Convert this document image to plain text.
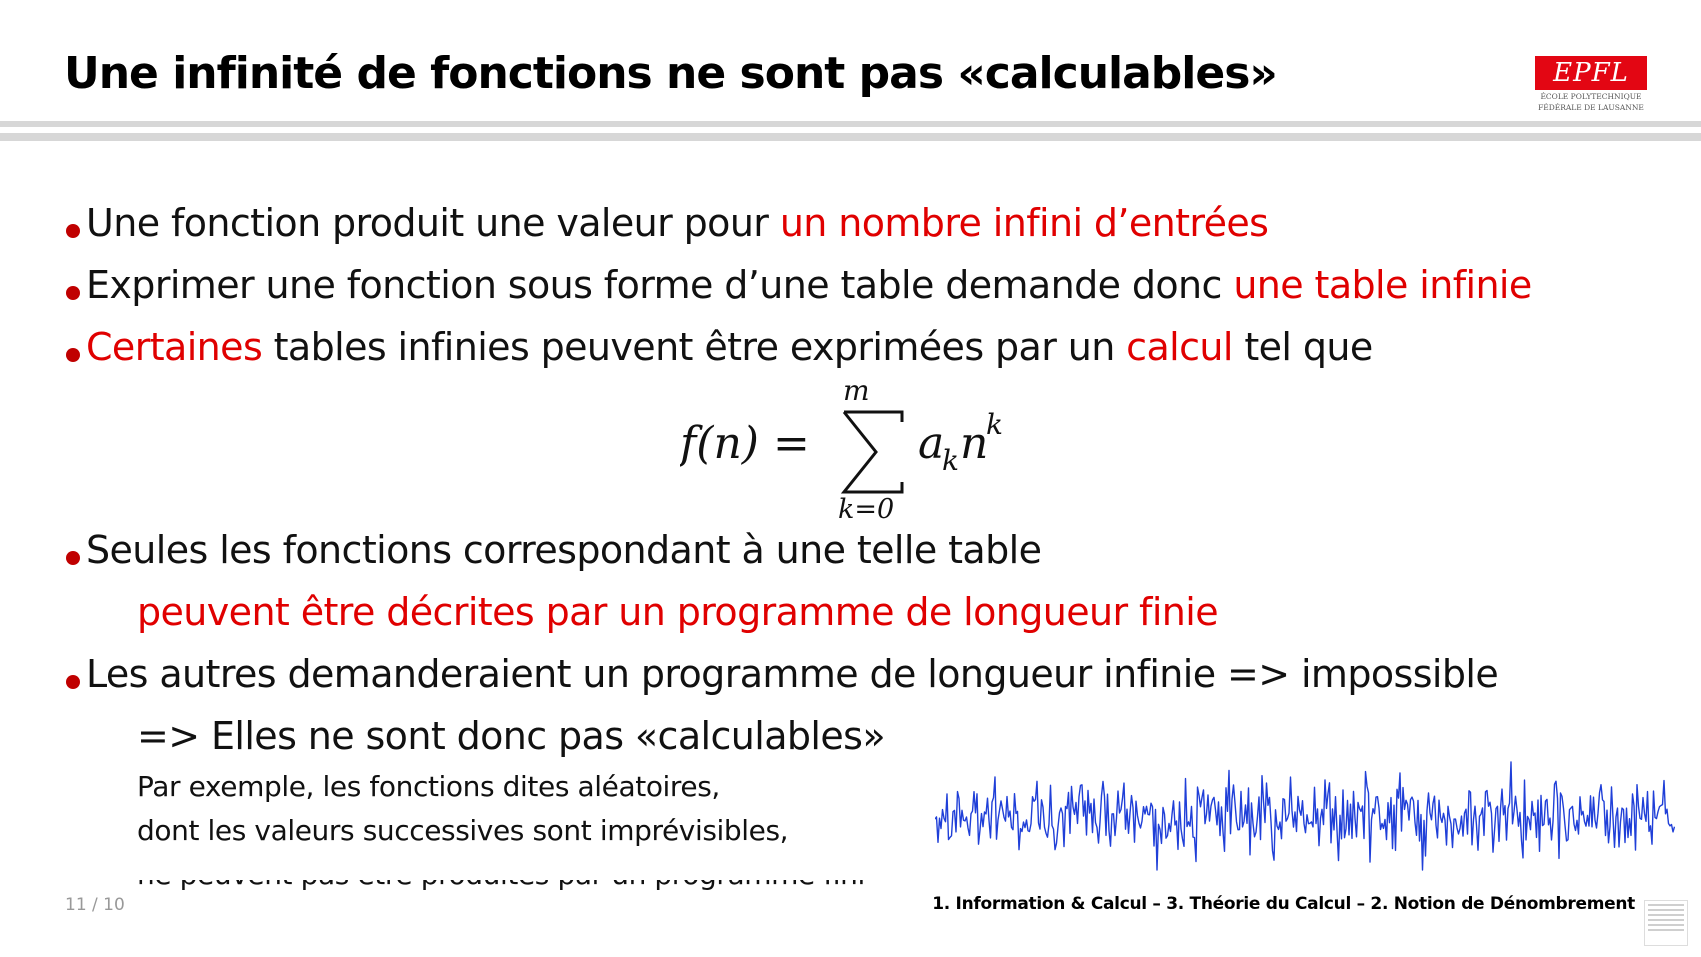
Une infinité de fonctions ne sont pas «calculables»	EPFL
ÉCOLE POLYTECHNIQUE
FÉDÉRALE DE LAUSANNE
Une fonction produit une valeur pour un nombre infini d’entrées
Exprimer une fonction sous forme d’une table demande donc une table infinie
Certaines tables infinies peuvent être exprimées par un calcul tel que
f(n) =
m
k=0
a
k n
k
Seules les fonctions correspondant à une telle table
peuvent être décrites par un programme de longueur finie
Les autres demanderaient un programme de longueur infinie => impossible
=> Elles ne sont donc pas «calculables»
Par exemple, les fonctions dites aléatoires,
dont les valeurs successives sont imprévisibles,
11 / 10	1. Information & Calcul – 3. Théorie du Calcul – 2. Notion de Dénombrement
